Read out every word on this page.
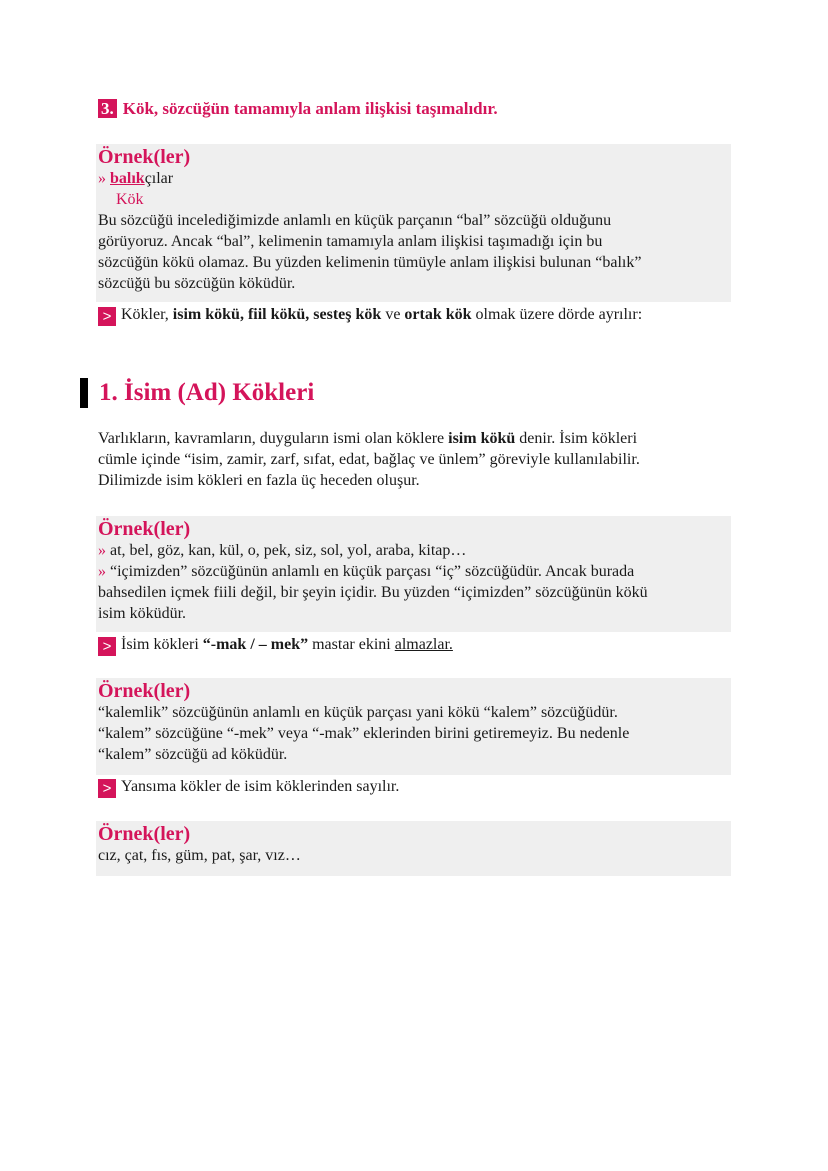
3. Kök, sözcüğün tamamıyla anlam ilişkisi taşımalıdır.
Örnek(ler)
» balıkçılar
Kök
Bu sözcüğü incelediğimizde anlamlı en küçük parçanın “bal” sözcüğü olduğunu
görüyoruz. Ancak “bal”, kelimenin tamamıyla anlam ilişkisi taşımadığı için bu
sözcüğün kökü olamaz. Bu yüzden kelimenin tümüyle anlam ilişkisi bulunan “balık”
sözcüğü bu sözcüğün köküdür.
> Kökler, isim kökü, fiil kökü, sesteş kök ve ortak kök olmak üzere dörde ayrılır:
1. İsim (Ad) Kökleri
Varlıkların, kavramların, duyguların ismi olan köklere isim kökü denir. İsim kökleri
cümle içinde “isim, zamir, zarf, sıfat, edat, bağlaç ve ünlem” göreviyle kullanılabilir.
Dilimizde isim kökleri en fazla üç heceden oluşur.
Örnek(ler)
» at, bel, göz, kan, kül, o, pek, siz, sol, yol, araba, kitap…
» “içimizden” sözcüğünün anlamlı en küçük parçası “iç” sözcüğüdür. Ancak burada
bahsedilen içmek fiili değil, bir şeyin içidir. Bu yüzden “içimizden” sözcüğünün kökü
isim köküdür.
> İsim kökleri “-mak / – mek” mastar ekini almazlar.
Örnek(ler)
“kalemlik” sözcüğünün anlamlı en küçük parçası yani kökü “kalem” sözcüğüdür.
“kalem” sözcüğüne “-mek” veya “-mak” eklerinden birini getiremeyiz. Bu nedenle
“kalem” sözcüğü ad köküdür.
> Yansıma kökler de isim köklerinden sayılır.
Örnek(ler)
cız, çat, fıs, güm, pat, şar, vız…
